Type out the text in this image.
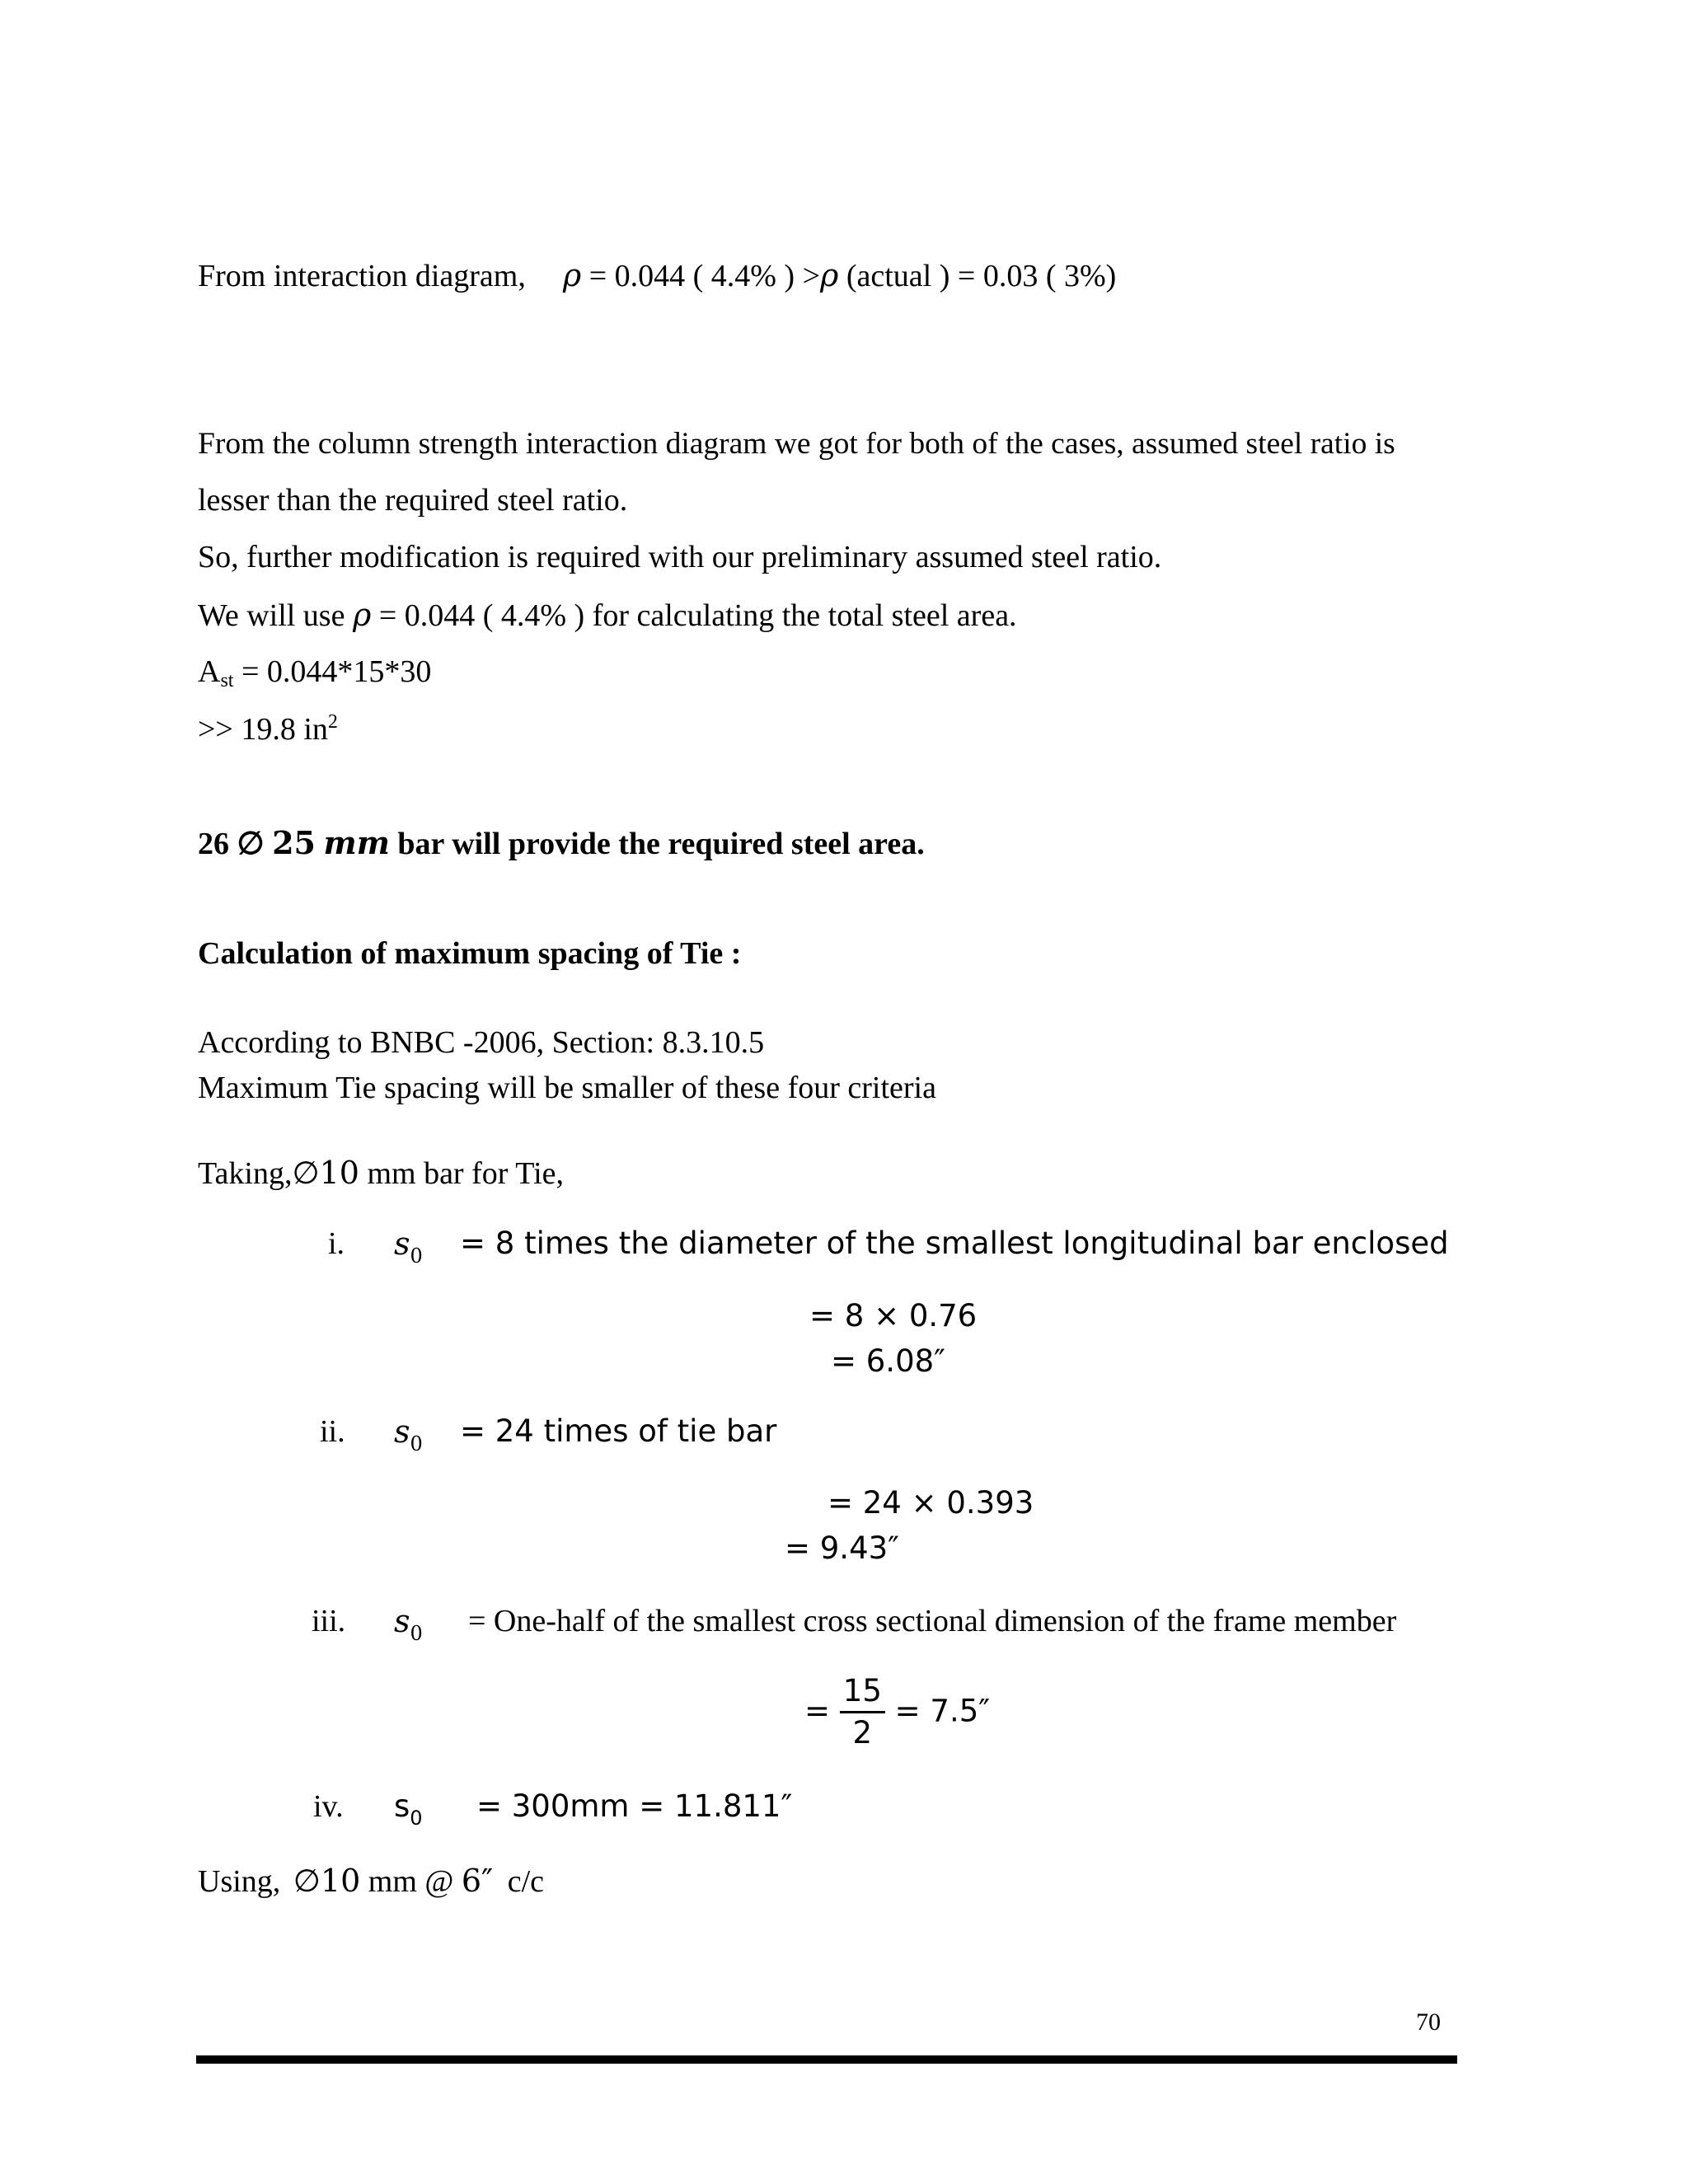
From interaction diagram, ρ = 0.044 ( 4.4% ) >ρ (actual ) = 0.03 ( 3%)
From the column strength interaction diagram we got for both of the cases, assumed steel ratio is
lesser than the required steel ratio.
So, further modification is required with our preliminary assumed steel ratio.
We will use ρ = 0.044 ( 4.4% ) for calculating the total steel area.
$A_{st} = 0.044*15*30$
>> 19.8 $in^2$
26 ∅ 25 mm bar will provide the required steel area.
Calculation of maximum spacing of Tie :
According to BNBC -2006, Section: 8.3.10.5
Maximum Tie spacing will be smaller of these four criteria
Taking,∅10 mm bar for Tie,
i. $s_0 = 8$ times the diameter of the smallest longitudinal bar enclosed
= 8 × 0.76
= 6.08″
ii. $s_0 = 24$ times of tie bar
= 24 × 0.393
= 9.43″
iii. $s_0$ = One-half of the smallest cross sectional dimension of the frame member
= $\frac{15}{2} = 7.5''$
iv. $s_0 = 300mm = 11.811''$
Using, ∅10 mm @ 6″ c/c
70
